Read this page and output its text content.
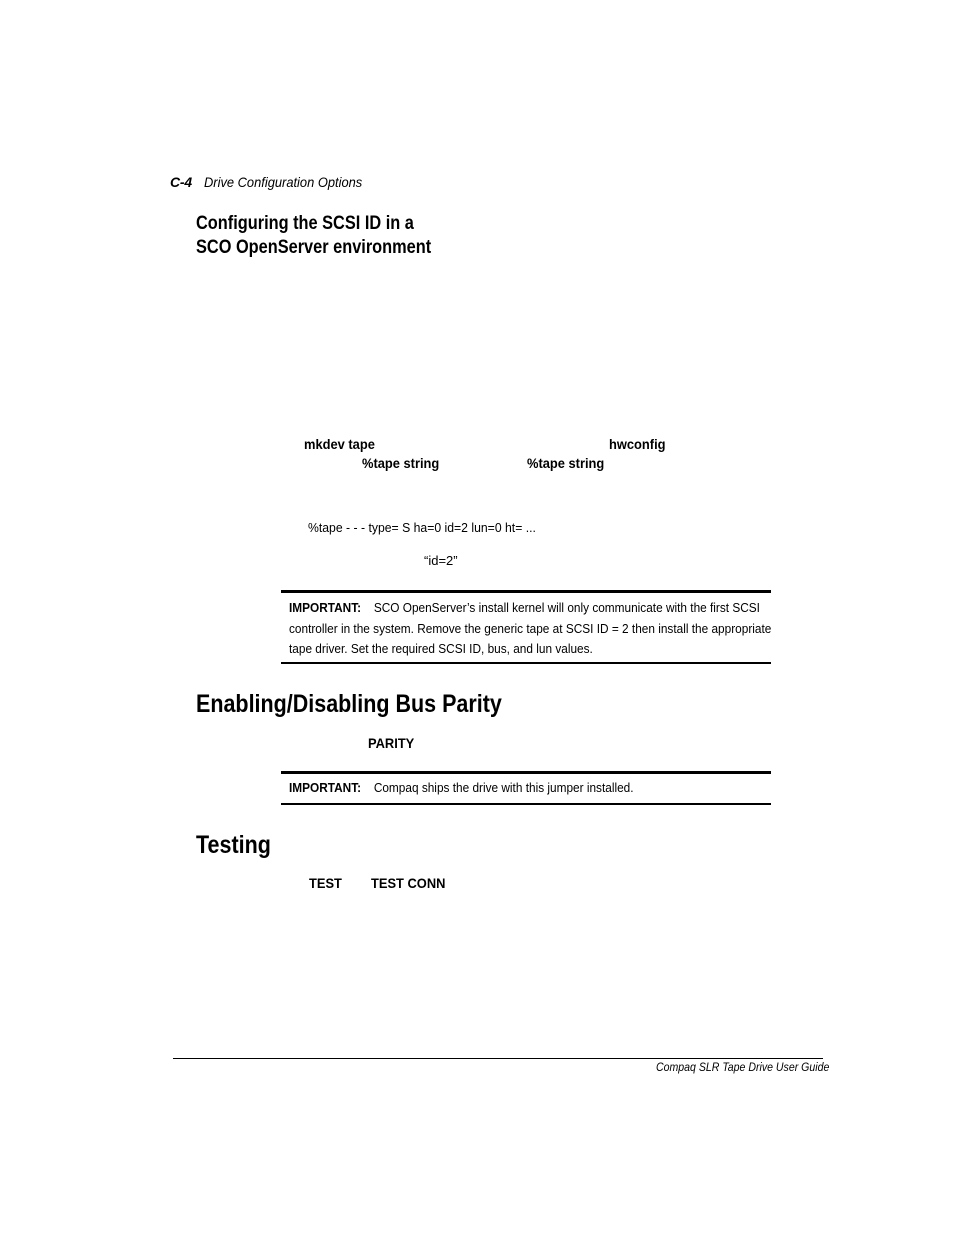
C-4 Drive Configuration Options
Configuring the SCSI ID in a
SCO OpenServer environment
mkdev tape	hwconfig
%tape string	%tape string
%tape - - - type= S ha=0 id=2 lun=0 ht= ...
“id=2”
IMPORTANT: SCO OpenServer’s install kernel will only communicate with the first SCSI controller in the system. Remove the generic tape at SCSI ID = 2 then install the appropriate tape driver. Set the required SCSI ID, bus, and lun values.
Enabling/Disabling Bus Parity
PARITY
IMPORTANT: Compaq ships the drive with this jumper installed.
Testing
TEST TEST CONN
Compaq SLR Tape Drive User Guide
